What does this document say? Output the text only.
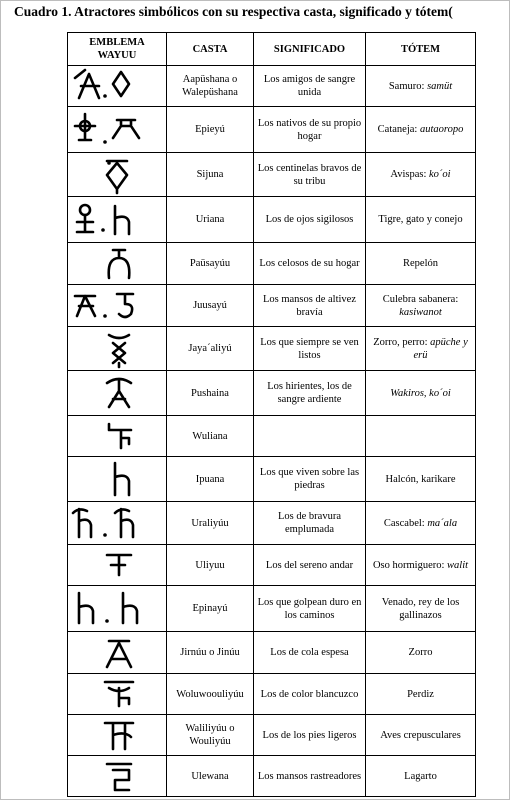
Cuadro 1. Atractores simbólicos con su respectiva casta, significado y tótem(
EMBLEMA WAYUU	CASTA	SIGNIFICADO	TÓTEM

	Aapüshana o Walepüshana	Los amigos de sangre unida	Samuro: samüt

	Epieyú	Los nativos de su propio hogar	Cataneja: autaoropo

	Sijuna	Los centinelas bravos de su tribu	Avispas: ko´oi

	Uriana	Los de ojos sigilosos	Tigre, gato y conejo

	Paüsayúu	Los celosos de su hogar	Repelón

	Juusayú	Los mansos de altivez bravía	Culebra sabanera: kasiwanot

	Jaya´aliyú	Los que siempre se ven listos	Zorro, perro: apüche y erü

	Pushaina	Los hirientes, los de sangre ardiente	Wakiros, ko´oi

	Wuliana		

	Ipuana	Los que viven sobre las piedras	Halcón, karikare

	Uraliyúu	Los de bravura emplumada	Cascabel: ma´ala

	Uliyuu	Los del sereno andar	Oso hormiguero: walit

	Epinayú	Los que golpean duro en los caminos	Venado, rey de los gallinazos

	Jirnúu o Jinúu	Los de cola espesa	Zorro

	Woluwoouliyúu	Los de color blancuzco	Perdiz

	Waliliyúu o Wouliyúu	Los de los pies ligeros	Aves crepusculares

	Ulewana	Los mansos rastreadores	Lagarto
